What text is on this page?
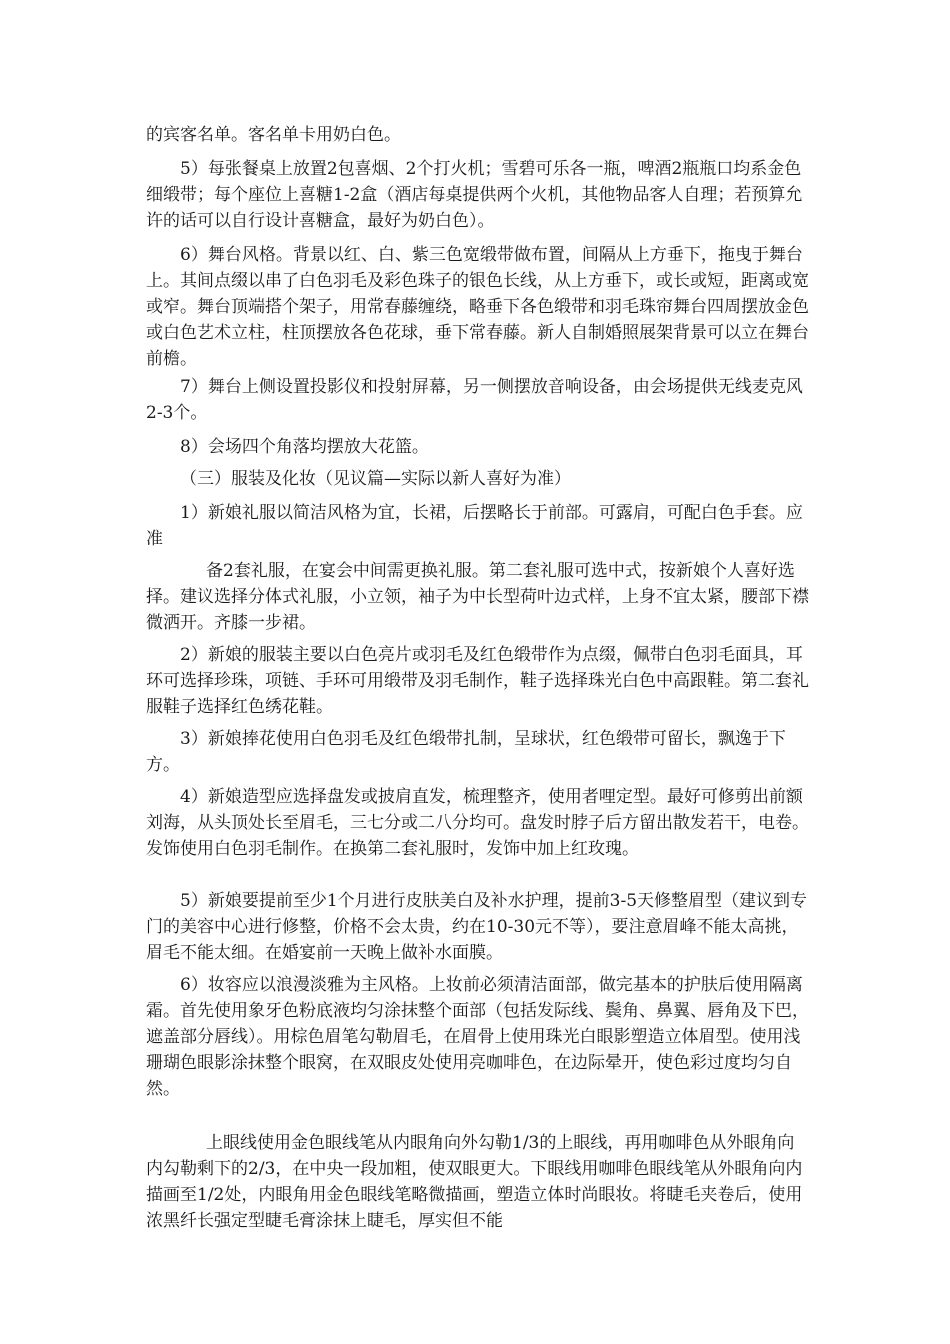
的宾客名单。客名单卡用奶白色。

5）每张餐桌上放置2包喜烟、2个打火机；雪碧可乐各一瓶，啤酒2瓶瓶口均系金色细缎带；每个座位上喜糖1-2盒（酒店每桌提供两个火机，其他物品客人自理；若预算允许的话可以自行设计喜糖盒，最好为奶白色）。

6）舞台风格。背景以红、白、紫三色宽缎带做布置，间隔从上方垂下，拖曳于舞台上。其间点缀以串了白色羽毛及彩色珠子的银色长线，从上方垂下，或长或短，距离或宽或窄。舞台顶端搭个架子，用常春藤缠绕，略垂下各色缎带和羽毛珠帘舞台四周摆放金色或白色艺术立柱，柱顶摆放各色花球，垂下常春藤。新人自制婚照展架背景可以立在舞台前檐。

7）舞台上侧设置投影仪和投射屏幕，另一侧摆放音响设备，由会场提供无线麦克风2-3个。

8）会场四个角落均摆放大花篮。

（三）服装及化妆（见议篇—实际以新人喜好为准）

1）新娘礼服以简洁风格为宜，长裙，后摆略长于前部。可露肩，可配白色手套。应准

备2套礼服，在宴会中间需更换礼服。第二套礼服可选中式，按新娘个人喜好选择。建议选择分体式礼服，小立领，袖子为中长型荷叶边式样，上身不宜太紧，腰部下襟微洒开。齐膝一步裙。

2）新娘的服装主要以白色亮片或羽毛及红色缎带作为点缀，佩带白色羽毛面具，耳环可选择珍珠，项链、手环可用缎带及羽毛制作，鞋子选择珠光白色中高跟鞋。第二套礼服鞋子选择红色绣花鞋。

3）新娘捧花使用白色羽毛及红色缎带扎制，呈球状，红色缎带可留长，飘逸于下方。

4）新娘造型应选择盘发或披肩直发，梳理整齐，使用者哩定型。最好可修剪出前额刘海，从头顶处长至眉毛，三七分或二八分均可。盘发时脖子后方留出散发若干，电卷。发饰使用白色羽毛制作。在换第二套礼服时，发饰中加上红玫瑰。

5）新娘要提前至少1个月进行皮肤美白及补水护理，提前3-5天修整眉型（建议到专门的美容中心进行修整，价格不会太贵，约在10-30元不等），要注意眉峰不能太高挑，眉毛不能太细。在婚宴前一天晚上做补水面膜。

6）妆容应以浪漫淡雅为主风格。上妆前必须清洁面部，做完基本的护肤后使用隔离霜。首先使用象牙色粉底液均匀涂抹整个面部（包括发际线、鬓角、鼻翼、唇角及下巴，遮盖部分唇线）。用棕色眉笔勾勒眉毛，在眉骨上使用珠光白眼影塑造立体眉型。使用浅珊瑚色眼影涂抹整个眼窝，在双眼皮处使用亮咖啡色，在边际晕开，使色彩过度均匀自然。

上眼线使用金色眼线笔从内眼角向外勾勒1/3的上眼线，再用咖啡色从外眼角向内勾勒剩下的2/3，在中央一段加粗，使双眼更大。下眼线用咖啡色眼线笔从外眼角向内描画至1/2处，内眼角用金色眼线笔略微描画，塑造立体时尚眼妆。将睫毛夹卷后，使用浓黑纤长强定型睫毛膏涂抹上睫毛，厚实但不能
